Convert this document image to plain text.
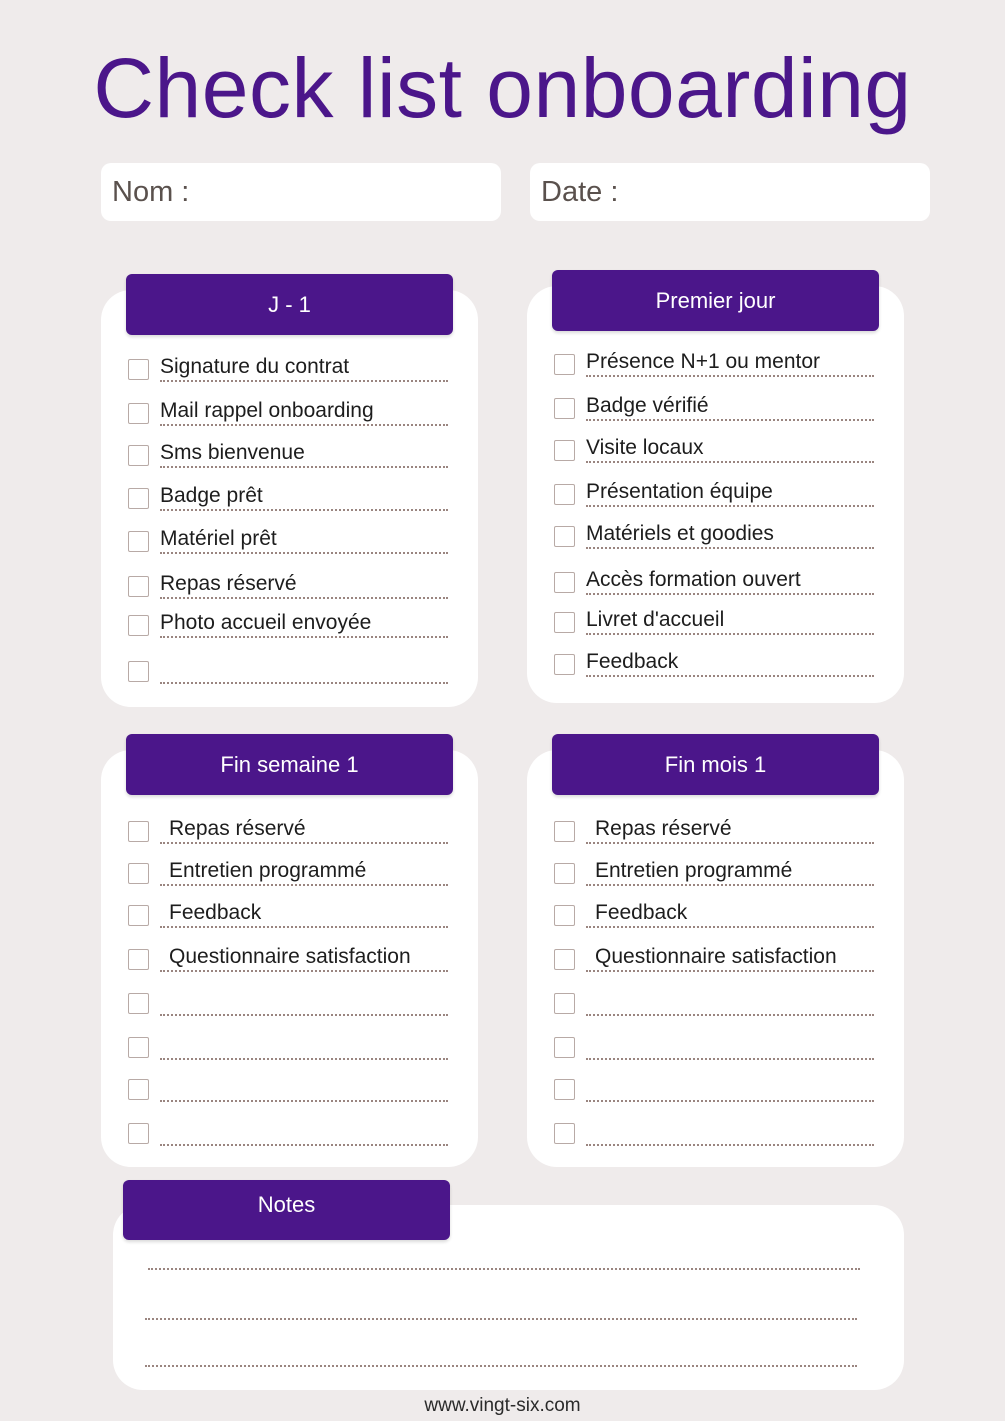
Check list onboarding
Nom :	Date :
J - 1	Premier jour
Fin semaine 1	Fin mois 1
Notes
Signature du contrat
Mail rappel onboarding
Sms bienvenue
Badge prêt
Matériel prêt
Repas réservé
Photo accueil envoyée
Présence N+1 ou mentor
Badge vérifié
Visite locaux
Présentation équipe
Matériels et goodies
Accès formation ouvert
Livret d'accueil
Feedback
Repas réservé
Entretien programmé
Feedback
Questionnaire satisfaction
Repas réservé
Entretien programmé
Feedback
Questionnaire satisfaction
www.vingt-six.com
